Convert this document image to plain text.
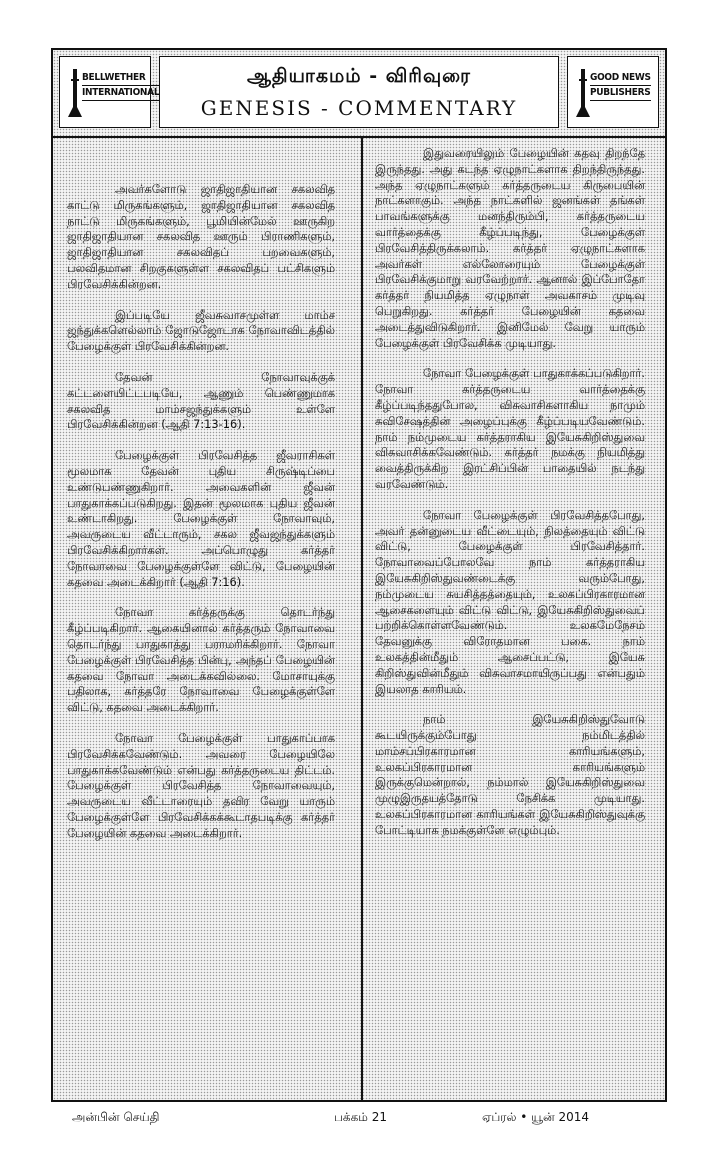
BELLWETHER
INTERNATIONAL
ஆதியாகமம் - விரிவுரை
GENESIS - COMMENTARY
GOOD NEWS
PUBLISHERS

அவர்களோடு ஜாதிஜாதியான சகலவித காட்டு மிருகங்களும், ஜாதிஜாதியான சகலவித நாட்டு மிருகங்களும், பூமியின்மேல் ஊருகிற ஜாதிஜாதியான சகலவித ஊரும் பிராணிகளும், ஜாதிஜாதியான சகலவிதப் பறவைகளும், பலவிதமான சிறகுகளுள்ள சகலவிதப் பட்சிகளும் பிரவேசிக்கின்றன.

இப்படியே ஜீவசுவாசமுள்ள மாம்ச ஜந்துக்களெல்லாம் ஜோடுஜோடாக நோவாவிடத்தில் பேழைக்குள் பிரவேசிக்கின்றன.

தேவன் நோவாவுக்குக் கட்டளையிட்டபடியே, ஆணும் பெண்ணுமாக சகலவித மாம்சஜந்துக்களும் உள்ளே பிரவேசிக்கின்றன (ஆதி 7:13-16).

பேழைக்குள் பிரவேசித்த ஜீவராசிகள் மூலமாக தேவன் புதிய சிருஷ்டிப்பை உண்டுபண்ணுகிறார். அவைகளின் ஜீவன் பாதுகாக்கப்படுகிறது. இதன் மூலமாக புதிய ஜீவன் உண்டாகிறது. பேழைக்குள் நோவாவும், அவருடைய வீட்டாரும், சகல ஜீவஜந்துக்களும் பிரவேசிக்கிறார்கள். அப்பொழுது கர்த்தர் நோவாவை பேழைக்குள்ளே விட்டு, பேழையின் கதவை அடைக்கிறார் (ஆதி 7:16).

நோவா கர்த்தருக்கு தொடர்ந்து கீழ்ப்படிகிறார். ஆகையினால் கர்த்தரும் நோவாவை தொடர்ந்து பாதுகாத்து பராமரிக்கிறார். நோவா பேழைக்குள் பிரவேசித்த பின்பு, அந்தப் பேழையின் கதவை நோவா அடைக்கவில்லை. மோசாயுக்கு பதிலாக, கர்த்தரே நோவாவை பேழைக்குள்ளே விட்டு, கதவை அடைக்கிறார்.

நோவா பேழைக்குள் பாதுகாப்பாக பிரவேசிக்கவேண்டும். அவரை பேழையிலே பாதுகாக்கவேண்டும் என்பது கர்த்தருடைய திட்டம். பேழைக்குள் பிரவேசித்த நோவாவையும், அவருடைய வீட்டாரையும் தவிர வேறு யாரும் பேழைக்குள்ளே பிரவேசிக்கக்கூடாதபடிக்கு கர்த்தர் பேழையின் கதவை அடைக்கிறார்.

இதுவரையிலும் பேழையின் கதவு திறந்தே இருந்தது. அது கடந்த ஏழுநாட்களாக திறந்திருந்தது. அந்த ஏழுநாட்களும் கர்த்தருடைய கிருபையின் நாட்களாகும். அந்த நாட்களில் ஜனங்கள் தங்கள் பாவங்களுக்கு மனந்திரும்பி, கர்த்தருடைய வார்த்தைக்கு கீழ்ப்படிந்து, பேழைக்குள் பிரவேசித்திருக்கலாம். கர்த்தர் ஏழுநாட்களாக அவர்கள் எல்லோரையும் பேழைக்குள் பிரவேசிக்குமாறு வரவேற்றார். ஆனால் இப்போதோ கர்த்தர் நியமித்த ஏழுநாள் அவகாசம் முடிவு பெறுகிறது. கர்த்தர் பேழையின் கதவை அடைத்துவிடுகிறார். இனிமேல் வேறு யாரும் பேழைக்குள் பிரவேசிக்க முடியாது.

நோவா பேழைக்குள் பாதுகாக்கப்படுகிறார். நோவா கர்த்தருடைய வார்த்தைக்கு கீழ்ப்படிந்ததுபோல, விசுவாசிகளாகிய நாமும் சுவிசேஷத்தின் அழைப்புக்கு கீழ்ப்படியவேண்டும். நாம் நம்முடைய கர்த்தராகிய இயேசுகிறிஸ்துவை விசுவாசிக்கவேண்டும். கர்த்தர் நமக்கு நியமித்து வைத்திருக்கிற இரட்சிப்பின் பாதையில் நடந்து வரவேண்டும்.

நோவா பேழைக்குள் பிரவேசித்தபோது, அவர் தன்னுடைய வீட்டையும், நிலத்தையும் விட்டு விட்டு, பேழைக்குள் பிரவேசித்தார். நோவாவைப்போலவே நாம் கர்த்தராகிய இயேசுகிறிஸ்துவண்டைக்கு வரும்போது, நம்முடைய சுயசித்தத்தையும், உலகப்பிரகாரமான ஆசைகளையும் விட்டு விட்டு, இயேசுகிறிஸ்துவைப் பற்றிக்கொள்ளவேண்டும். உலகமேநேசம் தேவனுக்கு விரோதமான பகை. நாம் உலகத்தின்மீதும் ஆசைப்பட்டு, இயேசு கிறிஸ்துவின்மீதும் விசுவாசமாயிருப்பது என்பதும் இயலாத காரியம்.

நாம் இயேசுகிறிஸ்துவோடு கூடயிருக்கும்போது நம்மிடத்தில் மாம்சப்பிரகாரமான காரியங்களும், உலகப்பிரகாரமான காரியங்களும் இருக்குமென்றால், நம்மால் இயேசுகிறிஸ்துவை முழுஇருதயத்தோடு நேசிக்க முடியாது. உலகப்பிரகாரமான காரியங்கள் இயேசுகிறிஸ்துவுக்கு போட்டியாக நமக்குள்ளே எழும்பும்.

அன்பின் செய்தி	பக்கம் 21	ஏப்ரல் • யூன் 2014
